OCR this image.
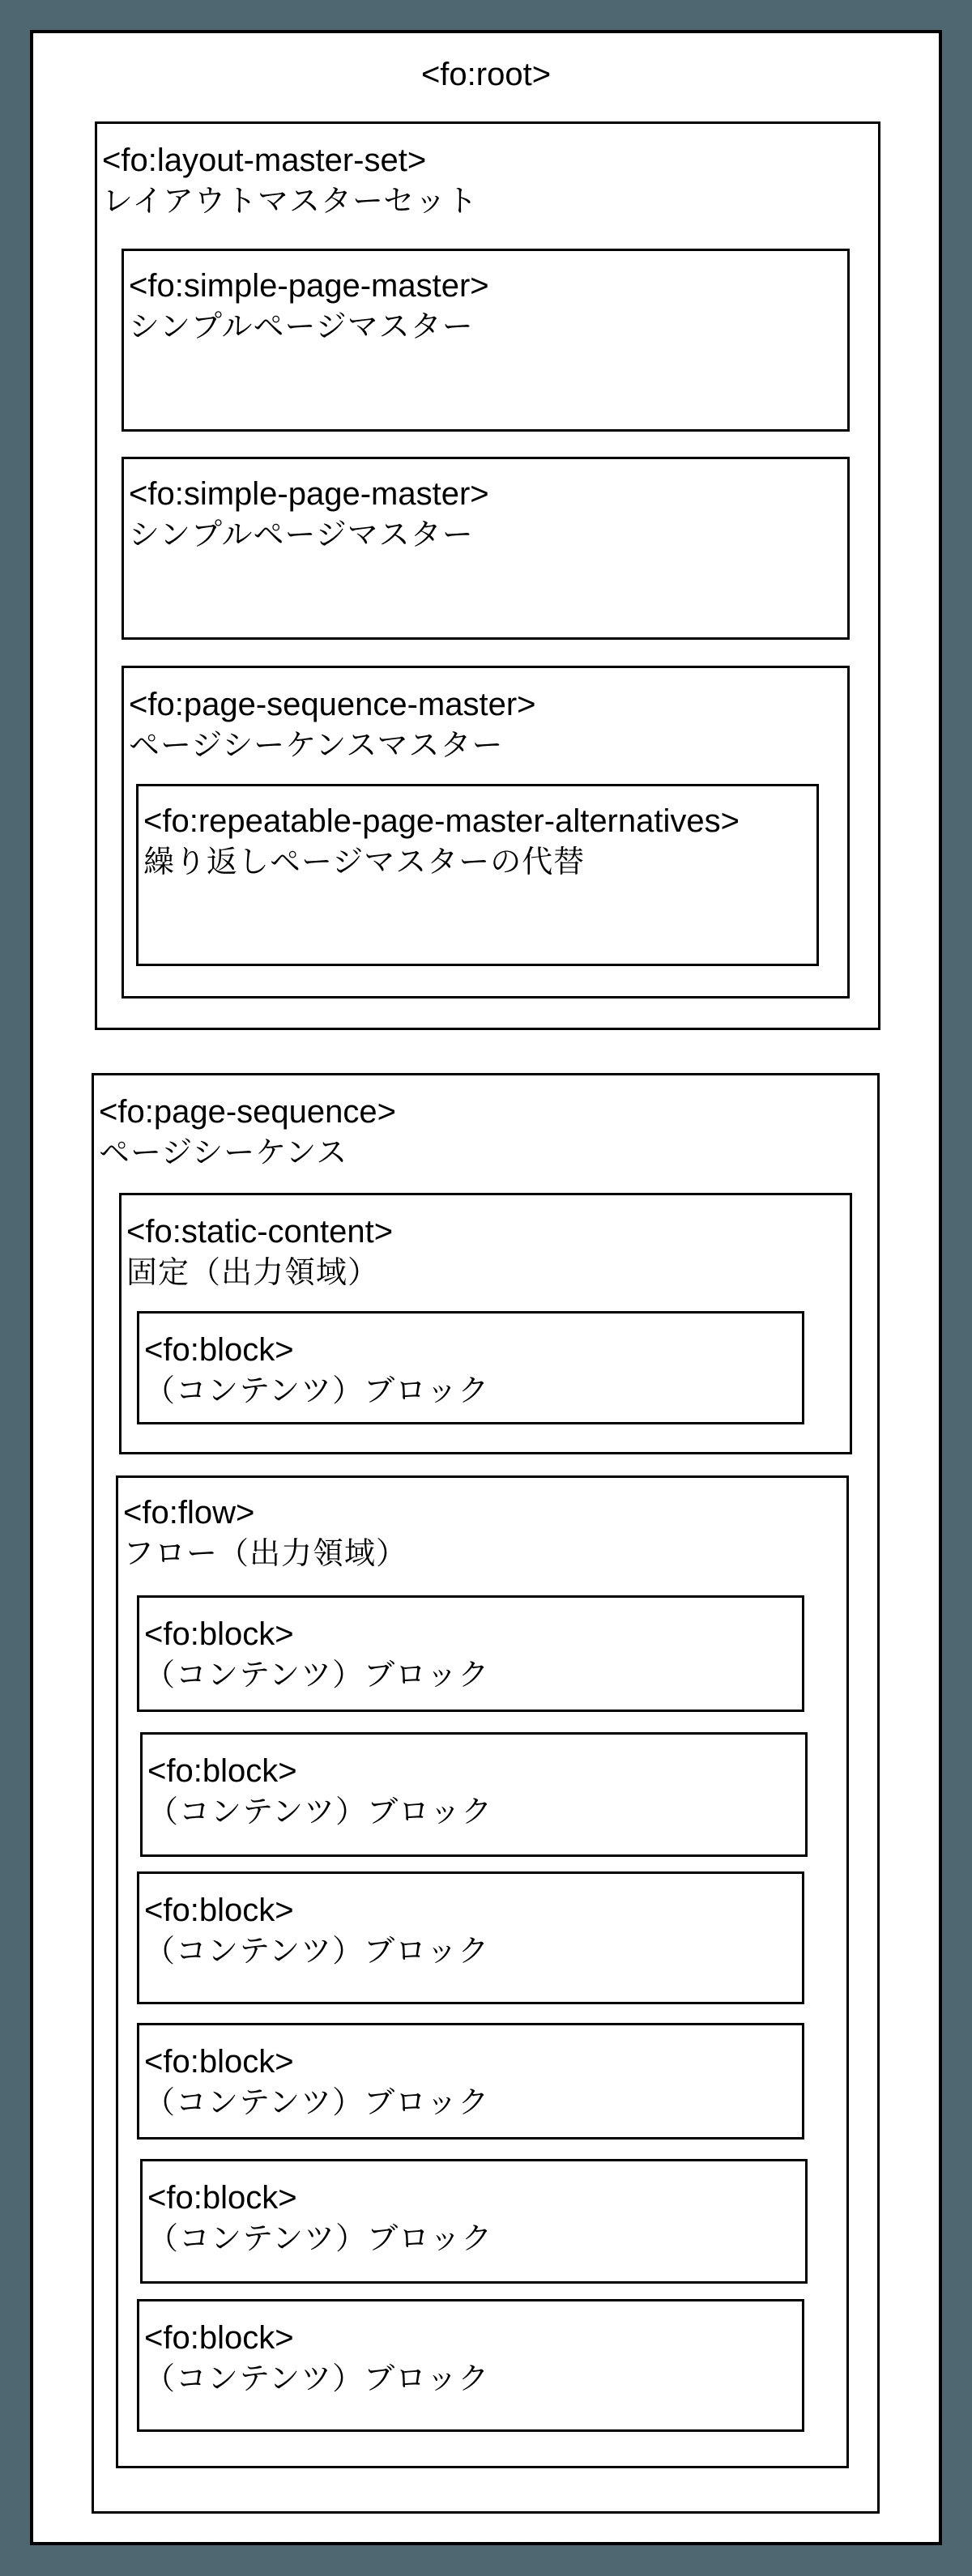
<fo:root>
<fo:layout-master-set>
レイアウトマスターセット
<fo:simple-page-master>
シンプルページマスター
<fo:simple-page-master>
シンプルページマスター
<fo:page-sequence-master>
ページシーケンスマスター
<fo:repeatable-page-master-alternatives>
繰り返しページマスターの代替
<fo:page-sequence>
ページシーケンス
<fo:static-content>
固定（出力領域）
<fo:block>
（コンテンツ）ブロック
<fo:flow>
フロー（出力領域）
<fo:block>
（コンテンツ）ブロック
<fo:block>
（コンテンツ）ブロック
<fo:block>
（コンテンツ）ブロック
<fo:block>
（コンテンツ）ブロック
<fo:block>
（コンテンツ）ブロック
<fo:block>
（コンテンツ）ブロック
